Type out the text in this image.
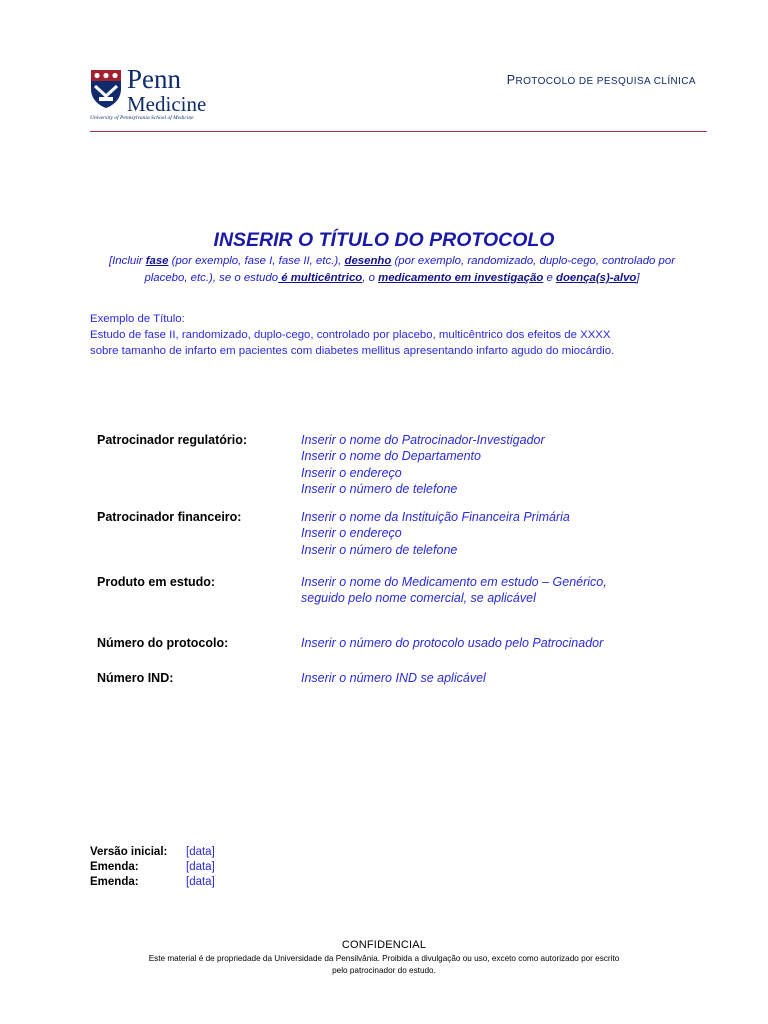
Penn
Medicine
University of Pennsylvania School of Medicine
PROTOCOLO DE PESQUISA CLÍNICA
INSERIR O TÍTULO DO PROTOCOLO
[Incluir fase (por exemplo, fase I, fase II, etc.), desenho (por exemplo, randomizado, duplo-cego, controlado por placebo, etc.), se o estudo é multicêntrico, o medicamento em investigação e doença(s)-alvo]
Exemplo de Título:
Estudo de fase II, randomizado, duplo-cego, controlado por placebo, multicêntrico dos efeitos de XXXX
sobre tamanho de infarto em pacientes com diabetes mellitus apresentando infarto agudo do miocárdio.
Patrocinador regulatório:	Inserir o nome do Patrocinador-Investigador
Inserir o nome do Departamento
Inserir o endereço
Inserir o número de telefone
Patrocinador financeiro:	Inserir o nome da Instituição Financeira Primária
Inserir o endereço
Inserir o número de telefone
Produto em estudo:	Inserir o nome do Medicamento em estudo – Genérico,
seguido pelo nome comercial, se aplicável
Número do protocolo:	Inserir o número do protocolo usado pelo Patrocinador
Número IND:	Inserir o número IND se aplicável
Versão inicial: [data]
Emenda:	[data]
Emenda:	[data]
CONFIDENCIAL
Este material é de propriedade da Universidade da Pensilvânia. Proibida a divulgação ou uso, exceto como autorizado por escrito
pelo patrocinador do estudo.
